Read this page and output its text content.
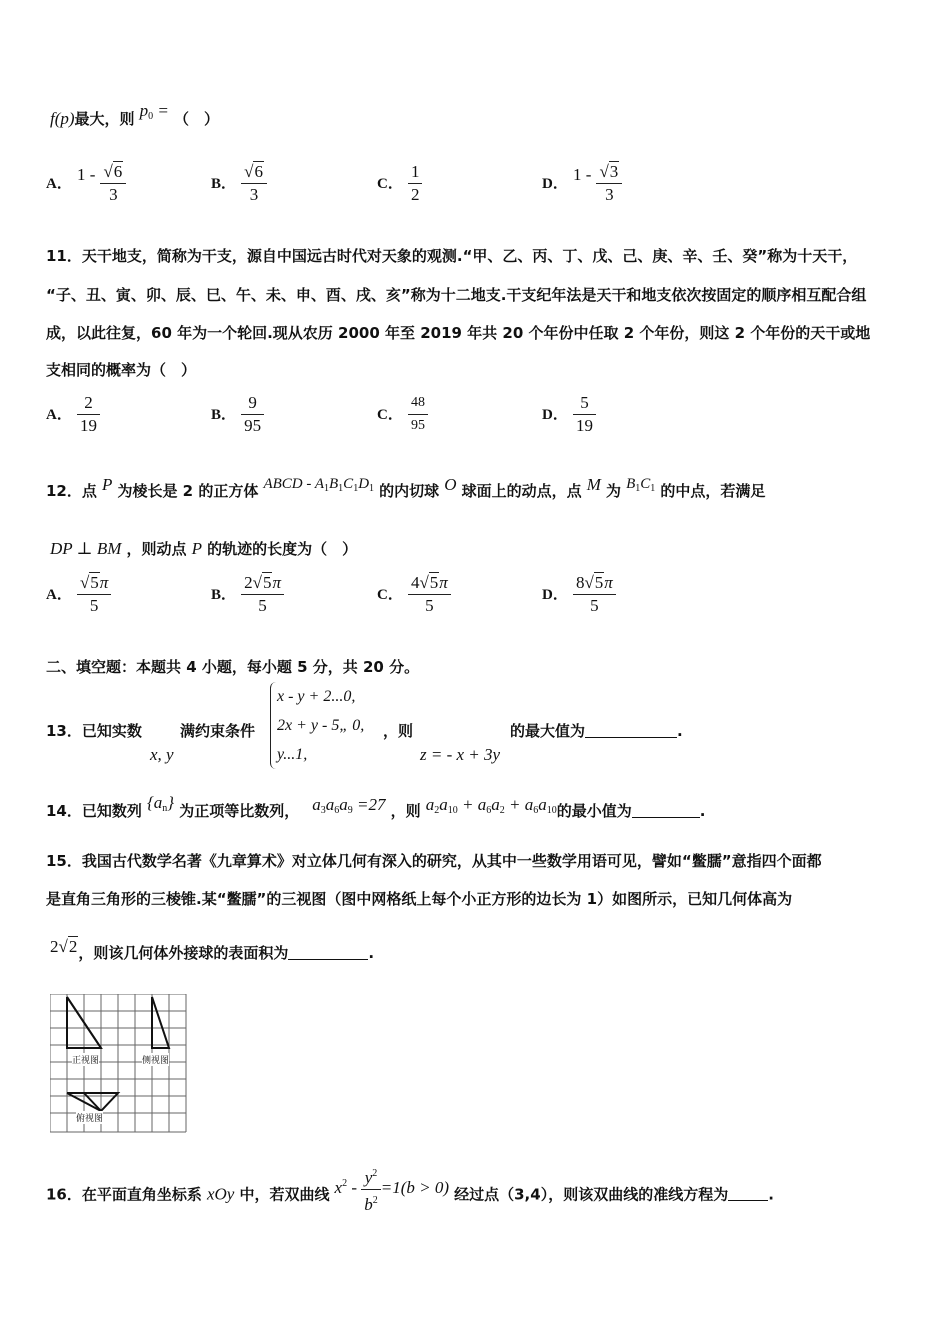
f(p)最大，则 $p_0$ = （　）
A． $1 - \frac{√6}{3}$	B． $\frac{√6}{3}$	C． $\frac{1}{2}$	D． $1 - \frac{√3}{3}$
11．天干地支，简称为干支，源自中国远古时代对天象的观测.“甲、乙、丙、丁、戊、己、庚、辛、壬、癸”称为十天干，
“子、丑、寅、卯、辰、巳、午、未、申、酉、戌、亥”称为十二地支.干支纪年法是天干和地支依次按固定的顺序相互配合组
成，以此往复，60 年为一个轮回.现从农历 2000 年至 2019 年共 20 个年份中任取 2 个年份，则这 2 个年份的天干或地
支相同的概率为（　）
A． $\frac{2}{19}$	B． $\frac{9}{95}$	C． $\frac{48}{95}$	D． $\frac{5}{19}$
12．点 P 为棱长是 2 的正方体 ABCD - $A_1B_1C_1D_1$ 的内切球 O 球面上的动点，点 M 为 $B_1C_1$ 的中点，若满足
DP ⊥ BM ，则动点 P 的轨迹的长度为（　）
A． $\frac{√5\pi}{5}$	B． $\frac{2√5\pi}{5}$	C． $\frac{4√5\pi}{5}$	D． $\frac{8√5\pi}{5}$
二、填空题：本题共 4 小题，每小题 5 分，共 20 分。
13．已知实数
x, y
满约束条件
x - y + 2...0,
2x + y - 5„ 0,
y...1,
，则
z = - x + 3y
的最大值为	.
14．已知数列 $\{a_n\}$ 为正项等比数列， $a_3a_6a_9 =27$ ，则 $a_2a_{10} + a_6a_2 + a_6a_{10}$的最小值为	.
15．我国古代数学名著《九章算术》对立体几何有深入的研究，从其中一些数学用语可见，譬如“鳖臑”意指四个面都
是直角三角形的三棱锥.某“鳖臑”的三视图（图中网格纸上每个小正方形的边长为 1）如图所示，已知几何体高为
2√2，则该几何体外接球的表面积为	.
正视图	侧视图
俯视图
16．在平面直角坐标系 xOy 中，若双曲线 $x^2 - \frac{y^2}{b^2} =1(b > 0)$ 经过点（3,4），则该双曲线的准线方程为	.
